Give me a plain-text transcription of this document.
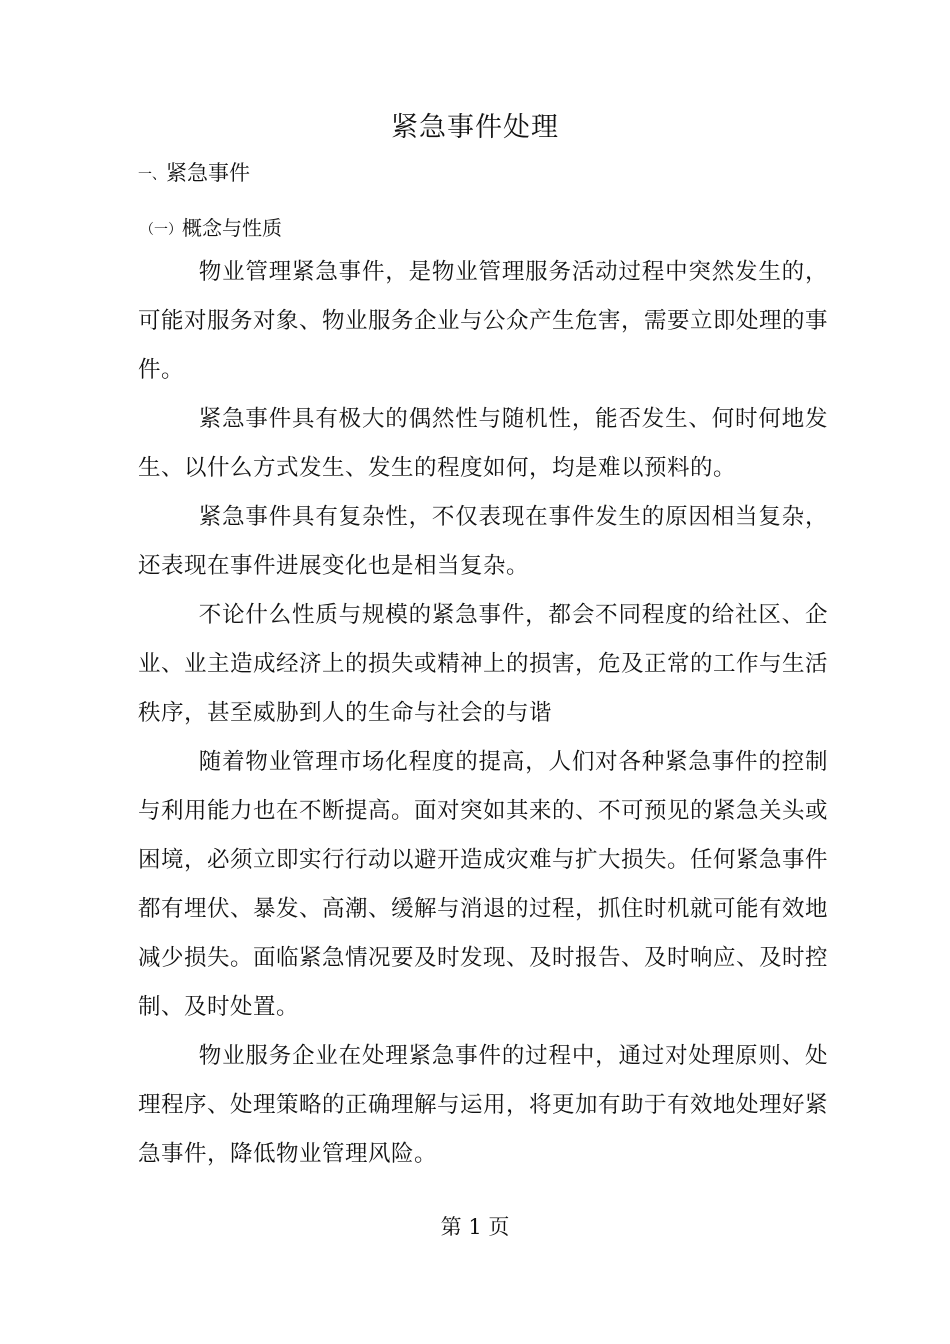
紧急事件处理
一、紧急事件
（一）概念与性质

物业管理紧急事件，是物业管理服务活动过程中突然发生的，可能对服务对象、物业服务企业与公众产生危害，需要立即处理的事件。

紧急事件具有极大的偶然性与随机性，能否发生、何时何地发生、以什么方式发生、发生的程度如何，均是难以预料的。

紧急事件具有复杂性，不仅表现在事件发生的原因相当复杂，还表现在事件进展变化也是相当复杂。

不论什么性质与规模的紧急事件，都会不同程度的给社区、企业、业主造成经济上的损失或精神上的损害，危及正常的工作与生活秩序，甚至威胁到人的生命与社会的与谐

随着物业管理市场化程度的提高，人们对各种紧急事件的控制与利用能力也在不断提高。面对突如其来的、不可预见的紧急关头或困境，必须立即实行行动以避开造成灾难与扩大损失。任何紧急事件都有埋伏、暴发、高潮、缓解与消退的过程，抓住时机就可能有效地减少损失。面临紧急情况要及时发现、及时报告、及时响应、及时控制、及时处置。

物业服务企业在处理紧急事件的过程中，通过对处理原则、处理程序、处理策略的正确理解与运用，将更加有助于有效地处理好紧急事件，降低物业管理风险。

第 1 页
